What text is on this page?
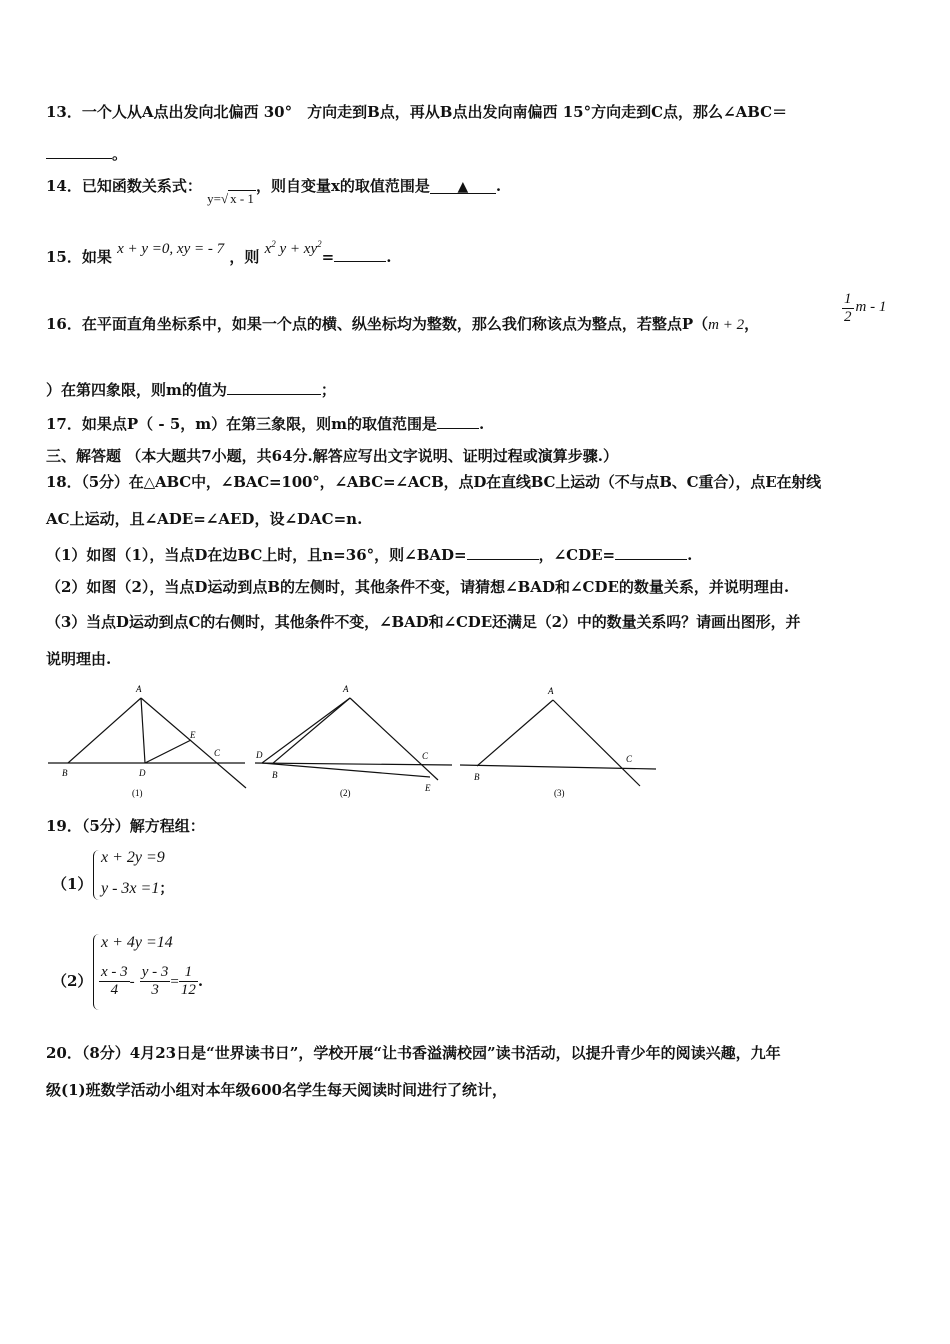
13．一个人从A点出发向北偏西 30°　方向走到B点，再从B点出发向南偏西 15°方向走到C点，那么∠ABC＝
。
14．已知函数关系式： y=√ x - 1，则自变量x的取值范围是 ▲ .
15．如果 x + y =0, xy = - 7 ，则 $x^2$ $y + xy^2=$	.
16．在平面直角坐标系中，如果一个点的横、纵坐标均为整数，那么我们称该点为整点，若整点P（m + 2，	$\frac{1}{2}$ m - 1
）在第四象限，则m的值为	；
17．如果点P（ - 5，m）在第三象限，则m的取值范围是	.
三、解答题 （本大题共7小题，共64分.解答应写出文字说明、证明过程或演算步骤.）
18．（5分）在△ABC中，∠BAC=100°，∠ABC=∠ACB，点D在直线BC上运动（不与点B、C重合），点E在射线
AC上运动，且∠ADE=∠AED，设∠DAC=n.
（1）如图（1），当点D在边BC上时，且n=36°，则∠BAD=	，∠CDE=	.
（2）如图（2），当点D运动到点B的左侧时，其他条件不变，请猜想∠BAD和∠CDE的数量关系，并说明理由.
（3）当点D运动到点C的右侧时，其他条件不变，∠BAD和∠CDE还满足（2）中的数量关系吗？请画出图形，并
说明理由.
A
B	D
E
C
(1)
A
D
B
C
E
(2)
A
B
C
(3)
19．（5分）解方程组：
（1）
x + 2y =9
y - 3x =1；
（2）
x + 4y =14
$\frac{x - 3}{4} - \frac{y - 3}{3} = \frac{1}{12}$ .
20．（8分）4月23日是“世界读书日”，学校开展“让书香溢满校园”读书活动，以提升青少年的阅读兴趣，九年
级(1)班数学活动小组对本年级600名学生每天阅读时间进行了统计，
